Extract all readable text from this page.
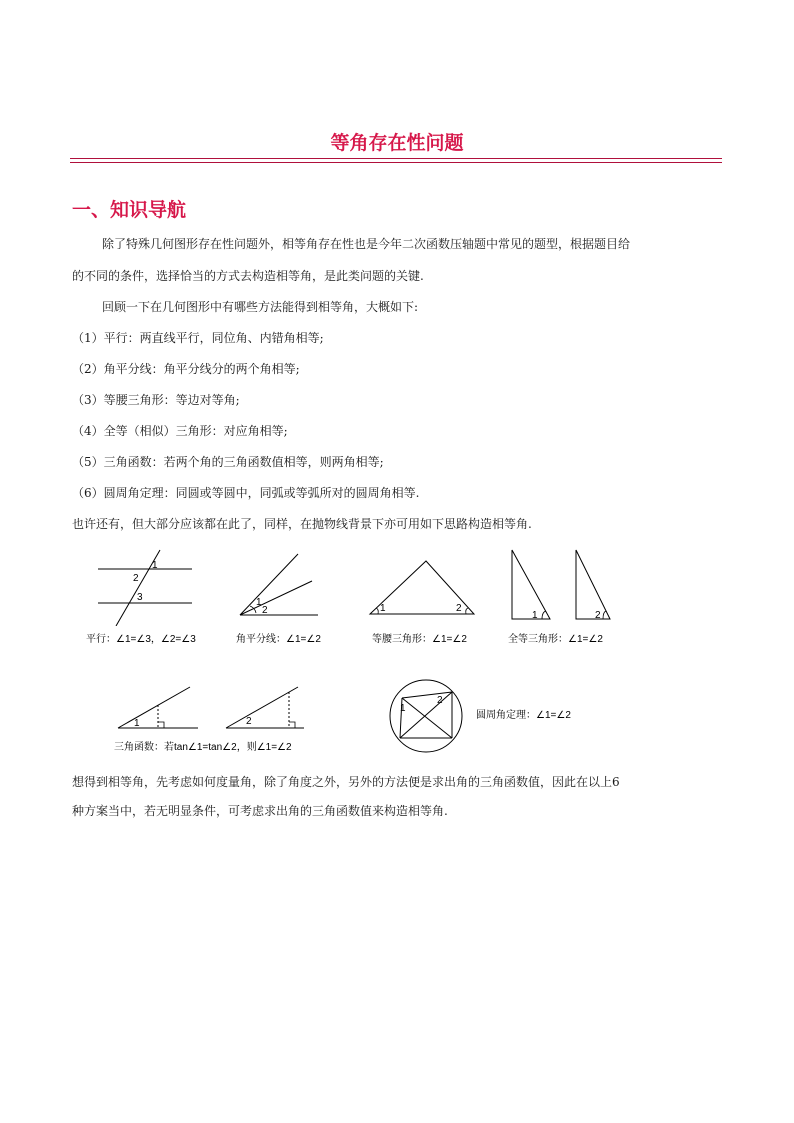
等角存在性问题
一、知识导航
除了特殊几何图形存在性问题外，相等角存在性也是今年二次函数压轴题中常见的题型，根据题目给
的不同的条件，选择恰当的方式去构造相等角，是此类问题的关键.
回顾一下在几何图形中有哪些方法能得到相等角，大概如下:
（1）平行：两直线平行，同位角、内错角相等;
（2）角平分线：角平分线分的两个角相等;
（3）等腰三角形：等边对等角;
（4）全等（相似）三角形：对应角相等;
（5）三角函数：若两个角的三角函数值相等，则两角相等;
（6）圆周角定理：同圆或等圆中，同弧或等弧所对的圆周角相等.
也许还有，但大部分应该都在此了，同样，在抛物线背景下亦可用如下思路构造相等角.
1
2
3
平行：∠1=∠3，∠2=∠3
1
2
角平分线：∠1=∠2
1	2
等腰三角形：∠1=∠2
1	2
全等三角形：∠1=∠2
1	2
三角函数：若tan∠1=tan∠2，则∠1=∠2
1
2
圆周角定理：∠1=∠2
想得到相等角，先考虑如何度量角，除了角度之外，另外的方法便是求出角的三角函数值，因此在以上6
种方案当中，若无明显条件，可考虑求出角的三角函数值来构造相等角.
